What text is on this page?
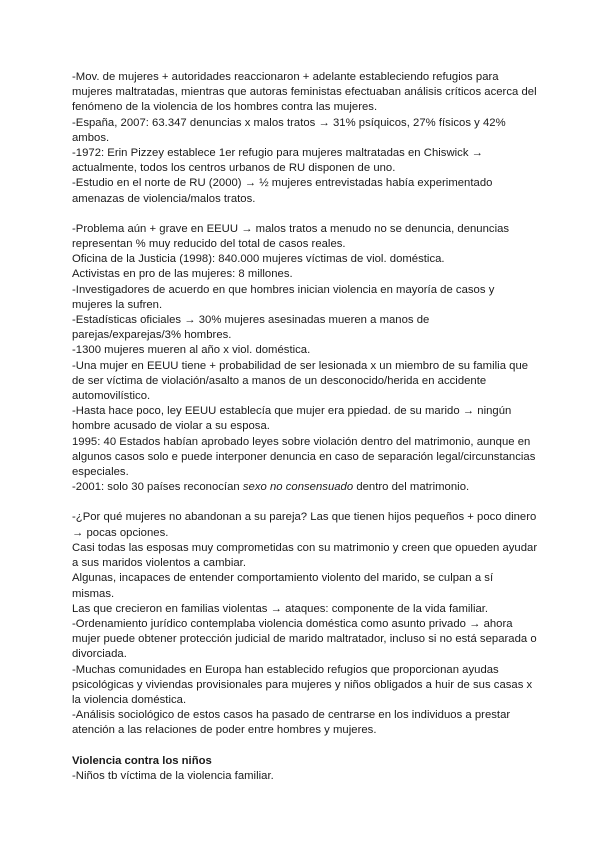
-Mov. de mujeres + autoridades reaccionaron + adelante estableciendo refugios para
mujeres maltratadas, mientras que autoras feministas efectuaban análisis críticos acerca del
fenómeno de la violencia de los hombres contra las mujeres.
-España, 2007: 63.347 denuncias x malos tratos → 31% psíquicos, 27% físicos y 42%
ambos.
-1972: Erin Pizzey establece 1er refugio para mujeres maltratadas en Chiswick →
actualmente, todos los centros urbanos de RU disponen de uno.
-Estudio en el norte de RU (2000) → ½ mujeres entrevistadas había experimentado
amenazas de violencia/malos tratos.
-Problema aún + grave en EEUU → malos tratos a menudo no se denuncia, denuncias
representan % muy reducido del total de casos reales.
Oficina de la Justicia (1998): 840.000 mujeres víctimas de viol. doméstica.
Activistas en pro de las mujeres: 8 millones.
-Investigadores de acuerdo en que hombres inician violencia en mayoría de casos y
mujeres la sufren.
-Estadísticas oficiales → 30% mujeres asesinadas mueren a manos de
parejas/exparejas/3% hombres.
-1300 mujeres mueren al año x viol. doméstica.
-Una mujer en EEUU tiene + probabilidad de ser lesionada x un miembro de su familia que
de ser víctima de violación/asalto a manos de un desconocido/herida en accidente
automovilístico.
-Hasta hace poco, ley EEUU establecía que mujer era ppiedad. de su marido → ningún
hombre acusado de violar a su esposa.
1995: 40 Estados habían aprobado leyes sobre violación dentro del matrimonio, aunque en
algunos casos solo e puede interponer denuncia en caso de separación legal/circunstancias
especiales.
-2001: solo 30 países reconocían sexo no consensuado dentro del matrimonio.
-¿Por qué mujeres no abandonan a su pareja? Las que tienen hijos pequeños + poco dinero
→ pocas opciones.
Casi todas las esposas muy comprometidas con su matrimonio y creen que opueden ayudar
a sus maridos violentos a cambiar.
Algunas, incapaces de entender comportamiento violento del marido, se culpan a sí
mismas.
Las que crecieron en familias violentas → ataques: componente de la vida familiar.
-Ordenamiento jurídico contemplaba violencia doméstica como asunto privado → ahora
mujer puede obtener protección judicial de marido maltratador, incluso si no está separada o
divorciada.
-Muchas comunidades en Europa han establecido refugios que proporcionan ayudas
psicológicas y viviendas provisionales para mujeres y niños obligados a huir de sus casas x
la violencia doméstica.
-Análisis sociológico de estos casos ha pasado de centrarse en los individuos a prestar
atención a las relaciones de poder entre hombres y mujeres.
Violencia contra los niños
-Niños tb víctima de la violencia familiar.
